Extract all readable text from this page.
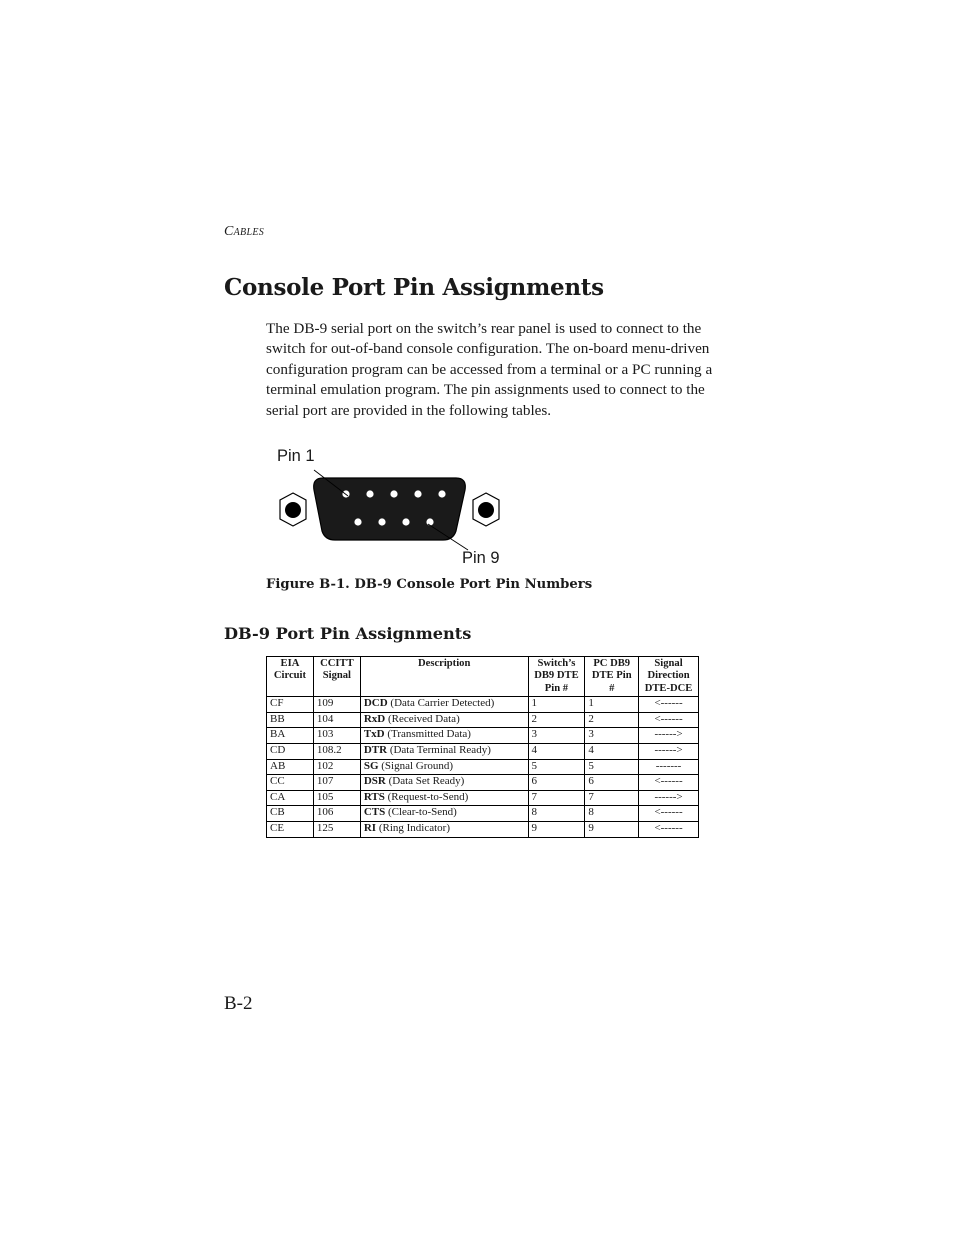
Cables
Console Port Pin Assignments

The DB-9 serial port on the switch’s rear panel is used to connect to the switch for out-of-band console configuration. The on-board menu-driven configuration program can be accessed from a terminal or a PC running a terminal emulation program. The pin assignments used to connect to the serial port are provided in the following tables.

Pin 1
Pin 9
Figure B-1. DB-9 Console Port Pin Numbers
DB-9 Port Pin Assignments
EIA Circuit	CCITT Signal	Description	Switch’s DB9 DTE Pin #	PC DB9 DTE Pin #	Signal Direction DTE-DCE
CF	109	DCD (Data Carrier Detected)	1	1	<------
BB	104	RxD (Received Data)	2	2	<------
BA	103	TxD (Transmitted Data)	3	3	------>
CD	108.2	DTR (Data Terminal Ready)	4	4	------>
AB	102	SG (Signal Ground)	5	5	-------
CC	107	DSR (Data Set Ready)	6	6	<------
CA	105	RTS (Request-to-Send)	7	7	------>
CB	106	CTS (Clear-to-Send)	8	8	<------
CE	125	RI (Ring Indicator)	9	9	<------
B-2
